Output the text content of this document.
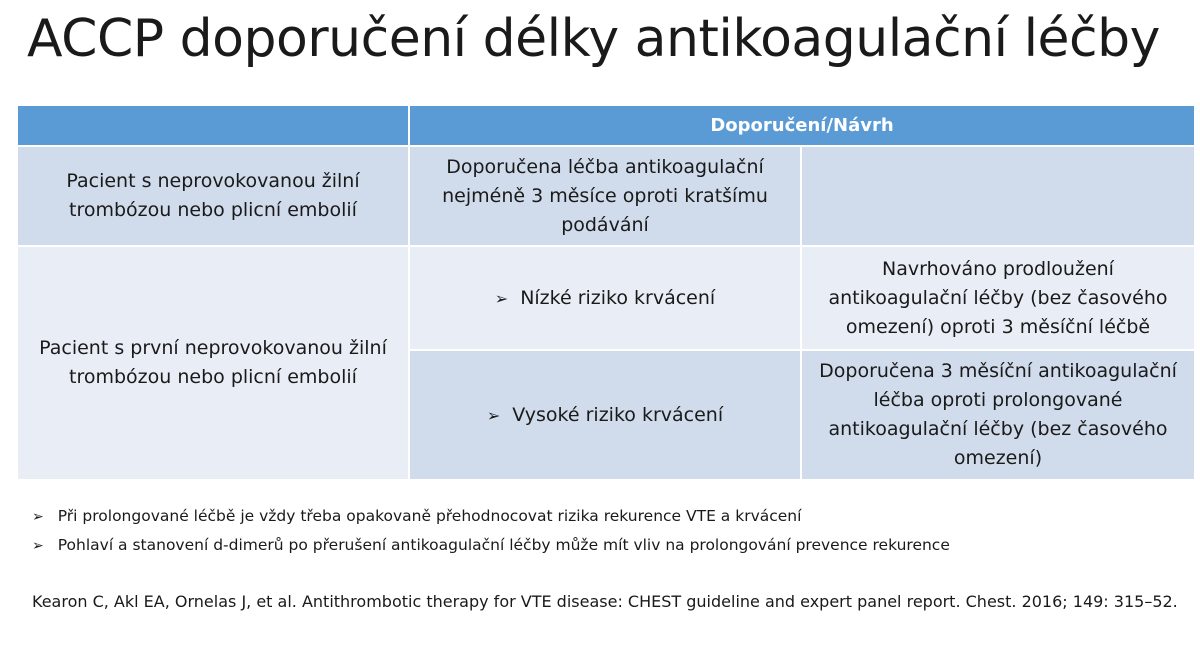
ACCP doporučení délky antikoagulační léčby
	Doporučení/Návrh	
Pacient s neprovokovanou žilní trombózou nebo plicní embolií	Doporučena léčba antikoagulační nejméně 3 měsíce oproti kratšímu podávání	
Pacient s první neprovokovanou žilní trombózou nebo plicní embolií	➢ Nízké riziko krvácení	Navrhováno prodloužení antikoagulační léčby (bez časového omezení) oproti 3 měsíční léčbě
	➢ Vysoké riziko krvácení	Doporučena 3 měsíční antikoagulační léčba oproti prolongované antikoagulační léčby (bez časového omezení)
➢ Při prolongované léčbě je vždy třeba opakovaně přehodnocovat rizika rekurence VTE a krvácení
➢ Pohlaví a stanovení d-dimerů po přerušení antikoagulační léčby může mít vliv na prolongování prevence rekurence

Kearon C, Akl EA, Ornelas J, et al. Antithrombotic therapy for VTE disease: CHEST guideline and expert panel report. Chest. 2016; 149: 315–52.
